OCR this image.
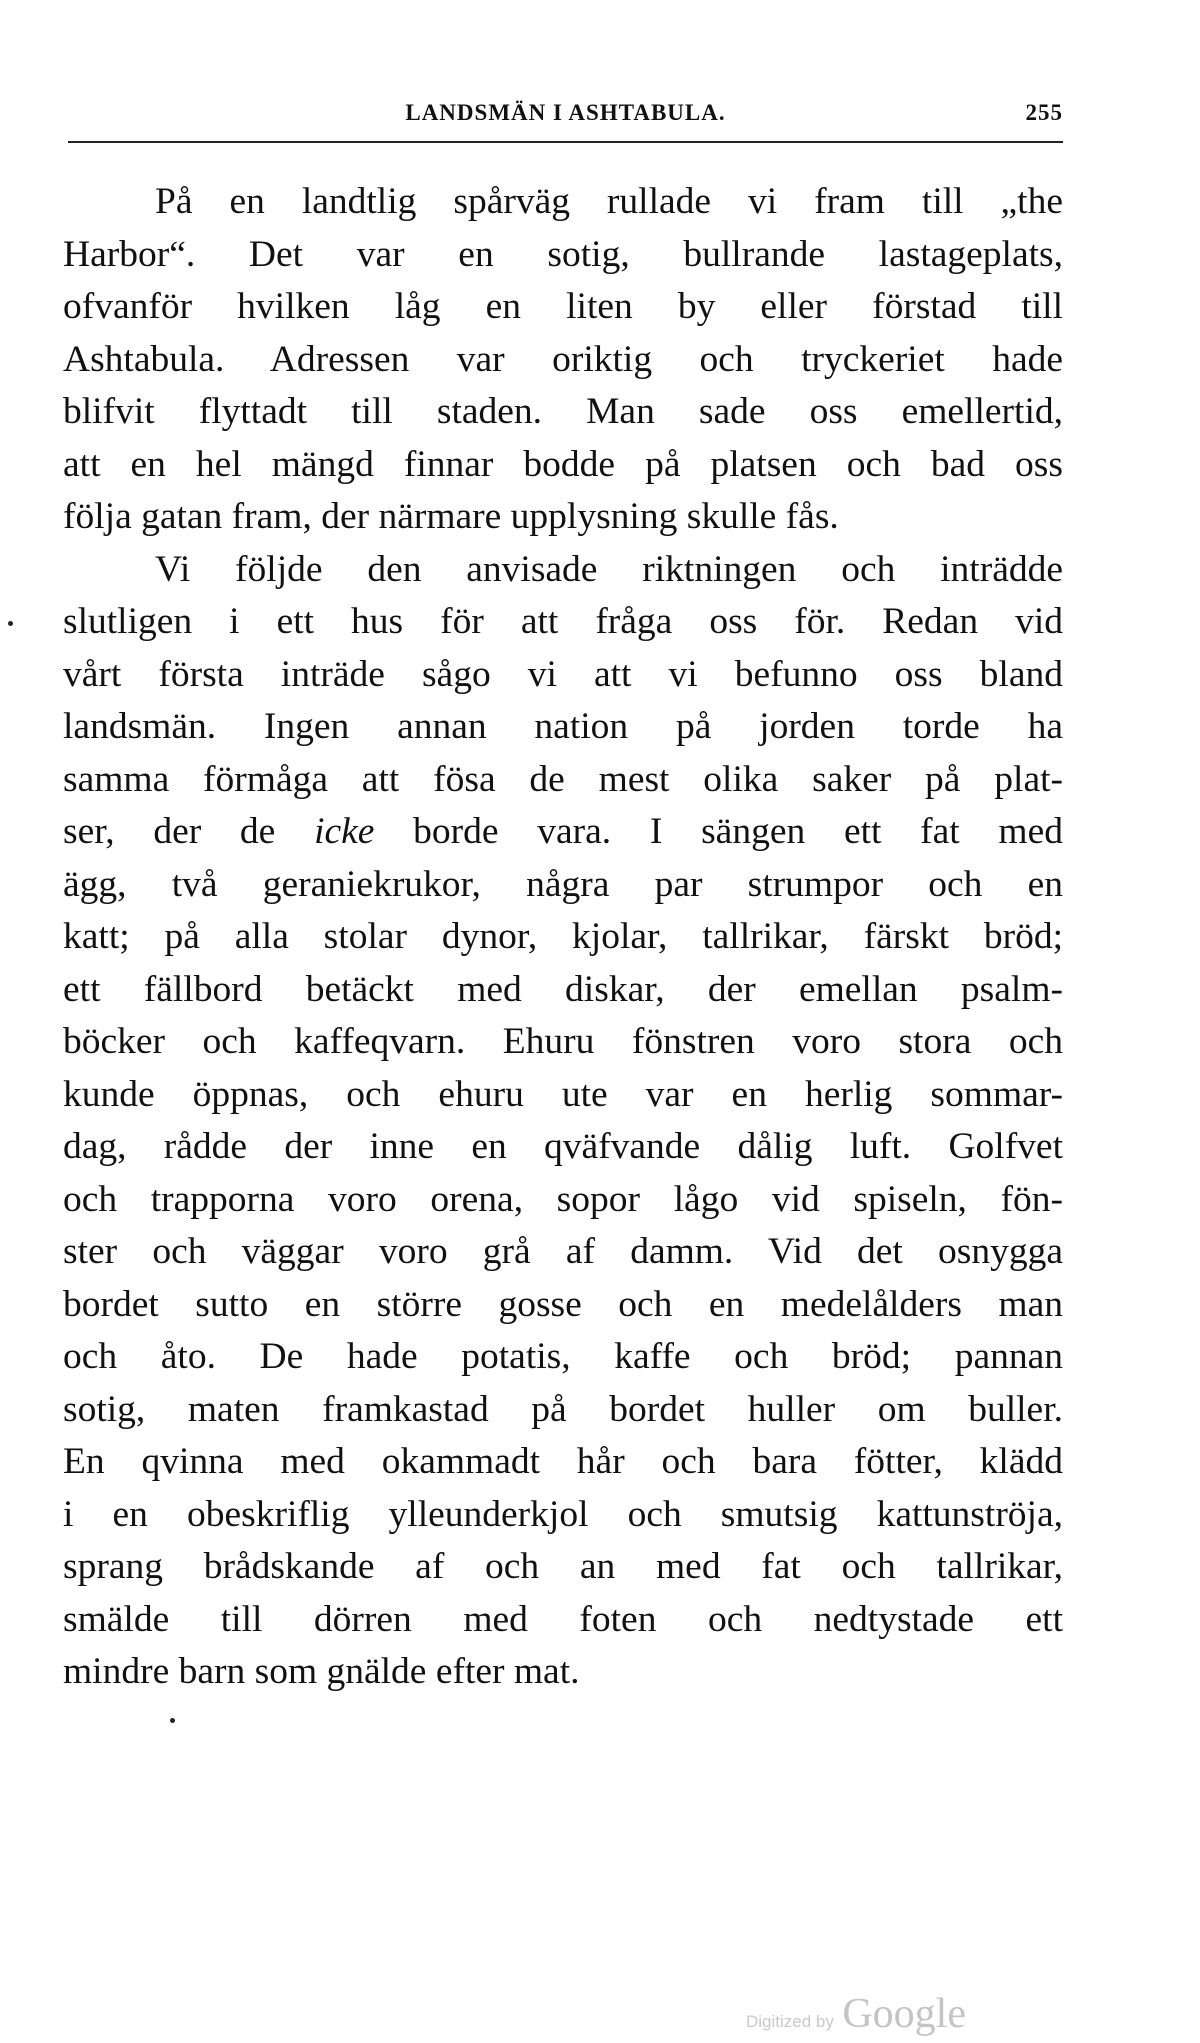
LANDSMÄN I ASHTABULA.	255
På en landtlig spårväg rullade vi fram till „the
Harbor“. Det var en sotig, bullrande lastageplats,
ofvanför hvilken låg en liten by eller förstad till
Ashtabula. Adressen var oriktig och tryckeriet hade
blifvit flyttadt till staden. Man sade oss emellertid,
att en hel mängd finnar bodde på platsen och bad oss
följa gatan fram, der närmare upplysning skulle fås.
Vi följde den anvisade riktningen och inträdde
slutligen i ett hus för att fråga oss för. Redan vid
vårt första inträde sågo vi att vi befunno oss bland
landsmän. Ingen annan nation på jorden torde ha
samma förmåga att fösa de mest olika saker på plat-
ser, der de icke borde vara. I sängen ett fat med
ägg, två geraniekrukor, några par strumpor och en
katt; på alla stolar dynor, kjolar, tallrikar, färskt bröd;
ett fällbord betäckt med diskar, der emellan psalm-
böcker och kaffeqvarn. Ehuru fönstren voro stora och
kunde öppnas, och ehuru ute var en herlig sommar-
dag, rådde der inne en qväfvande dålig luft. Golfvet
och trapporna voro orena, sopor lågo vid spiseln, fön-
ster och väggar voro grå af damm. Vid det osnygga
bordet sutto en större gosse och en medelålders man
och åto. De hade potatis, kaffe och bröd; pannan
sotig, maten framkastad på bordet huller om buller.
En qvinna med okammadt hår och bara fötter, klädd
i en obeskriflig ylleunderkjol och smutsig kattunströja,
sprang brådskande af och an med fat och tallrikar,
smälde till dörren med foten och nedtystade ett
mindre barn som gnälde efter mat.
Digitized by Google
